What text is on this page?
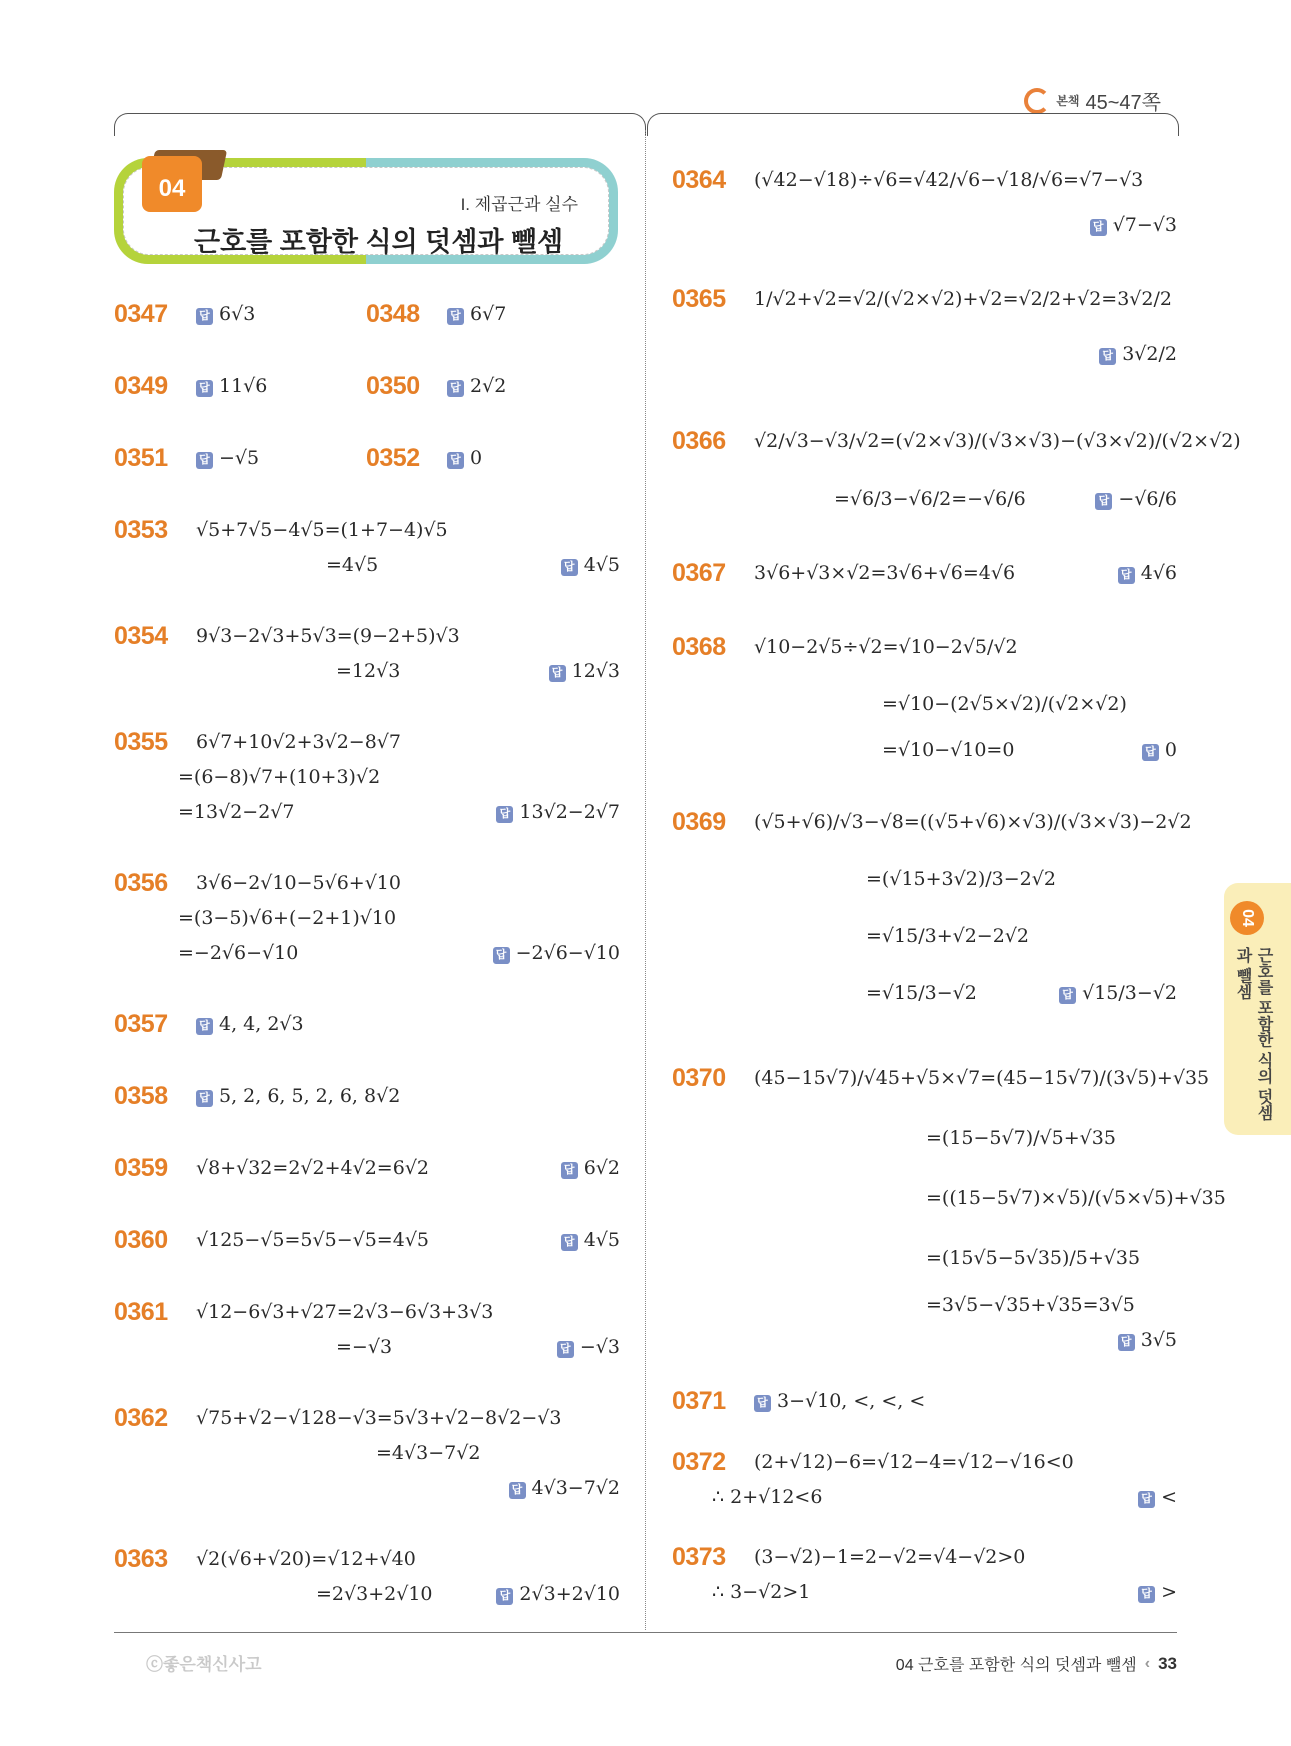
본책 45~47쪽
I. 제곱근과 실수
근호를 포함한 식의 덧셈과 뺄셈
04
0347 답	6√3	0348 답	6√7
0349 답	11√6	0350 답	2√2
0351 답	−√5	0352 답	0
0353 √5+7√5−4√5=(1+7−4)√5
=4√5 답	4√5
0354 9√3−2√3+5√3=(9−2+5)√3
=12√3 답	12√3
0355 6√7+10√2+3√2−8√7
=(6−8)√7+(10+3)√2
=13√2−2√7 답	13√2−2√7
0356 3√6−2√10−5√6+√10
=(3−5)√6+(−2+1)√10
=−2√6−√10 답	−2√6−√10
0357 답	4, 4, 2√3
0358 답	5, 2, 6, 5, 2, 6, 8√2
0359 √8+√32=2√2+4√2=6√2 답	6√2
0360 √125−√5=5√5−√5=4√5 답	4√5
0361 √12−6√3+√27=2√3−6√3+3√3
=−√3 답	−√3
0362 √75+√2−√128−√3=5√3+√2−8√2−√3
=4√3−7√2
답4√3−7√2
0363 √2(√6+√20)=√12+√40
=2√3+2√10 답	2√3+2√10
0364 (√42−√18)÷√6=√42/√6−√18/√6=√7−√3
답√7−√3
0365 1/√2+√2=√2/(√2×√2)+√2=√2/2+√2=3√2/2
답3√2/2
0366 √2/√3−√3/√2=(√2×√3)/(√3×√3)−(√3×√2)/(√2×√2)
=√6/3−√6/2=−√6/6 답	−√6/6
0367 3√6+√3×√2=3√6+√6=4√6 답	4√6
0368 √10−2√5÷√2=√10−2√5/√2
=√10−(2√5×√2)/(√2×√2)
=√10−√10=0 답	0
0369 (√5+√6)/√3−√8=((√5+√6)×√3)/(√3×√3)−2√2
=(√15+3√2)/3−2√2
=√15/3+√2−2√2
=√15/3−√2 답	√15/3−√2
0370 (45−15√7)/√45+√5×√7=(45−15√7)/(3√5)+√35
=(15−5√7)/√5+√35
=((15−5√7)×√5)/(√5×√5)+√35
=(15√5−5√35)/5+√35
=3√5−√35+√35=3√5
답3√5
0371 답	3−√10, <, <, <
0372 (2+√12)−6=√12−4=√12−√16<0
∴ 2+√12<6 답	<
0373 (3−√2)−1=2−√2=√4−√2>0
∴ 3−√2>1 답	>
04
근호를 포함한 식의 덧셈과 뺄셈
ⓒ좋은책신사고	04 근호를 포함한 식의 덧셈과 뺄셈 ‹ 33
